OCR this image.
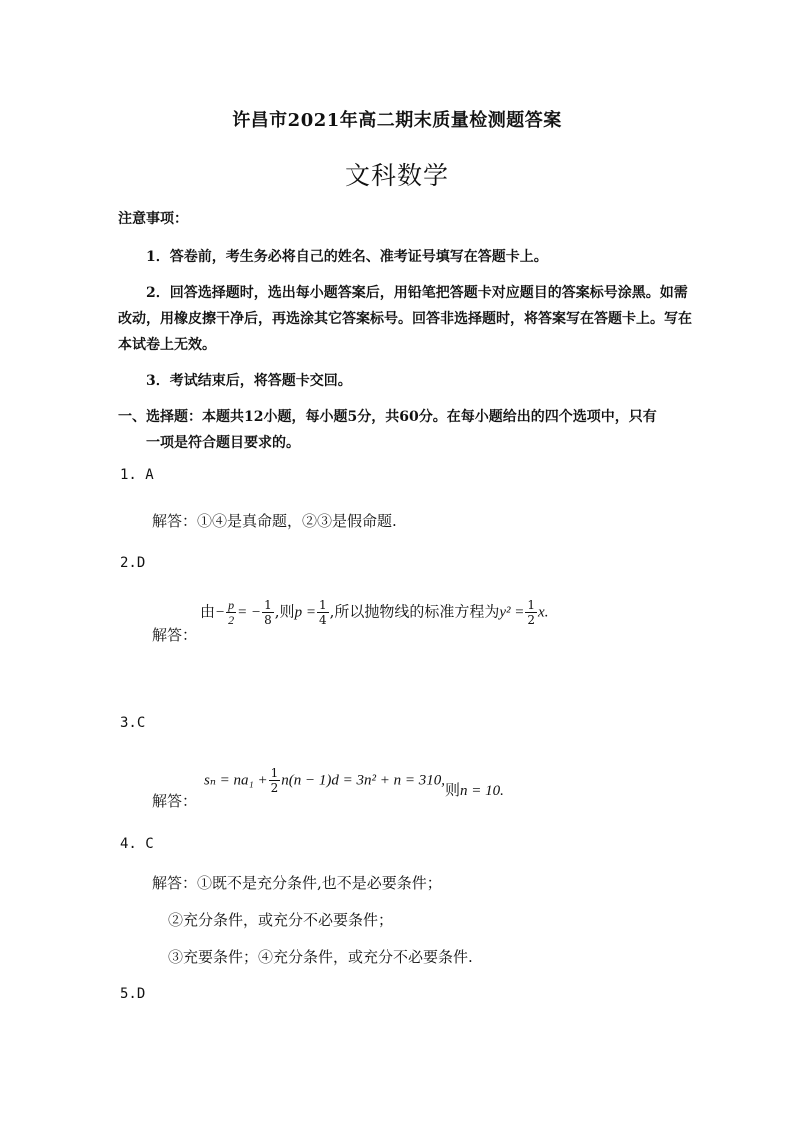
许昌市2021年高二期末质量检测题答案
文科数学
注意事项：
1．答卷前，考生务必将自己的姓名、准考证号填写在答题卡上。
2．回答选择题时，选出每小题答案后，用铅笔把答题卡对应题目的答案标号涂黑。如需改动，用橡皮擦干净后，再选涂其它答案标号。回答非选择题时，将答案写在答题卡上。写在本试卷上无效。
3．考试结束后，将答题卡交回。
一、选择题：本题共12小题，每小题5分，共60分。在每小题给出的四个选项中，只有
一项是符合题目要求的。
1. A
解答：①④是真命题，②③是假命题.
2.D
解答：
由− $\frac{p}{2}$ = − $\frac{1}{8}$ ,则$p = \frac{1}{4}$ ,所以抛物线的标准方程为$y^2 = \frac{1}{2} x$.
3.C
解答：
$s_n = na_1 + \frac{1}{2} n(n - 1)d = 3n^2 + n = 310$,则n = 10.
4. C
解答：①既不是充分条件,也不是必要条件；
②充分条件，或充分不必要条件；
③充要条件；④充分条件，或充分不必要条件.
5.D
